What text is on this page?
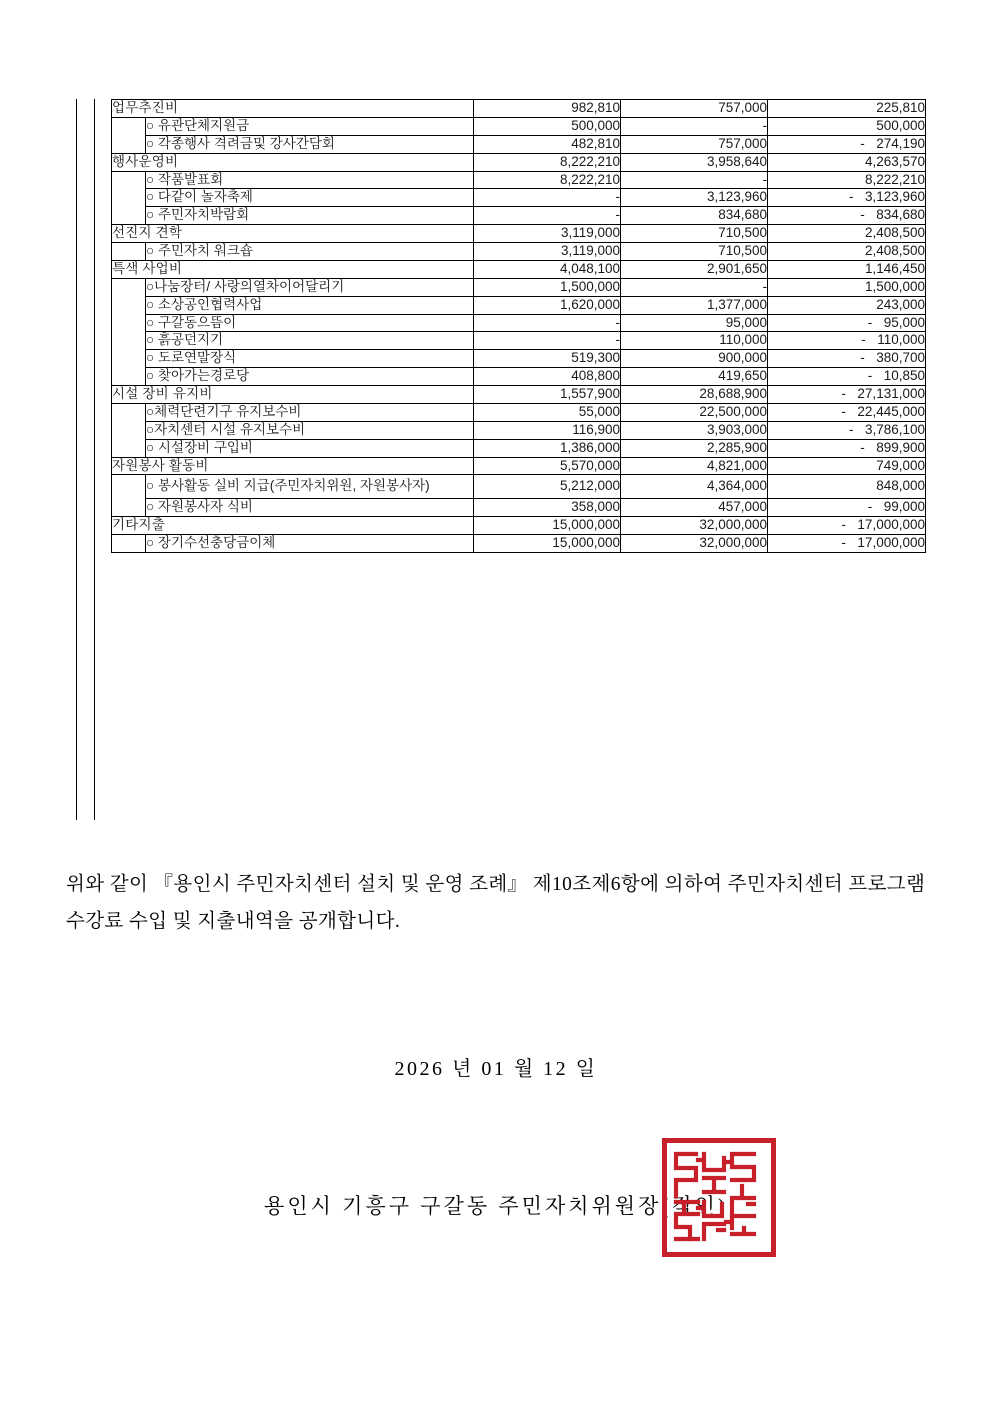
업무추진비		982,810	757,000	225,810
	○ 유관단체지원금	500,000	-	500,000
	○ 각종행사 격려금및 강사간담회	482,810	757,000	- 274,190

행사운영비		8,222,210	3,958,640	4,263,570
	○ 작품발표회	8,222,210	-	8,222,210
	○ 다같이 놀자축제	-	3,123,960	- 3,123,960

	○ 주민자치박람회	-	834,680	- 834,680

선진지 견학		3,119,000	710,500	2,408,500
	○ 주민자치 워크숍	3,119,000	710,500	2,408,500
특색 사업비		4,048,100	2,901,650	1,146,450
	○나눔장터/ 사랑의열차이어달리기	1,500,000	-	1,500,000
	○ 소상공인협력사업	1,620,000	1,377,000	243,000
	○ 구갈동으뜸이	-	95,000	- 95,000

	○ 흙공던지기	-	110,000	- 110,000

	○ 도로연말장식	519,300	900,000	- 380,700

	○ 찾아가는경로당	408,800	419,650	- 10,850

시설 장비 유지비		1,557,900	28,688,900	- 27,131,000

	○체력단련기구 유지보수비	55,000	22,500,000	- 22,445,000

	○자치센터 시설 유지보수비	116,900	3,903,000	- 3,786,100

	○ 시설장비 구입비	1,386,000	2,285,900	- 899,900

자원봉사 활동비		5,570,000	4,821,000	749,000
	○ 봉사활동 실비 지급(주민자치위원, 자원봉사자)	5,212,000	4,364,000	848,000
	○ 자원봉사자 식비	358,000	457,000	- 99,000

기타지출		15,000,000	32,000,000	- 17,000,000

	○ 장기수선충당금이체	15,000,000	32,000,000	- 17,000,000
위와 같이 『용인시 주민자치센터 설치 및 운영 조례』 제10조제6항에 의하여 주민자치센터 프로그램 수강료 수입 및 지출내역을 공개합니다.
2026 년 01 월 12 일
용인시 기흥구 구갈동 주민자치위원장(직인)
